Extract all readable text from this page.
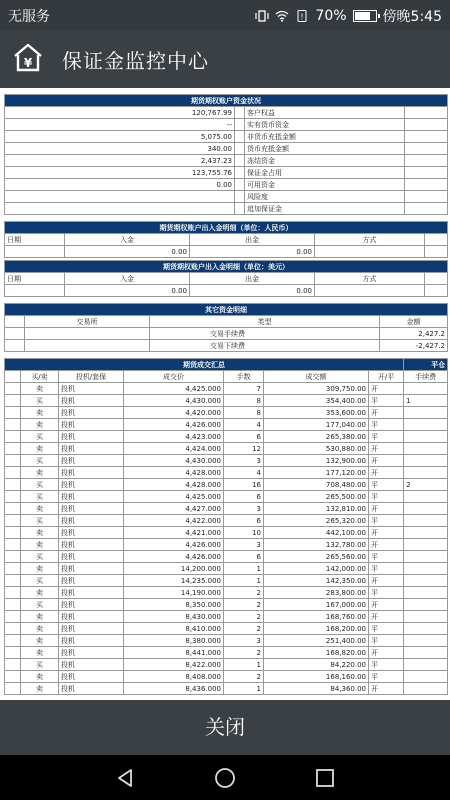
无服务	! 70%	傍晚5:45
¥ 保证金监控中心
期货期权账户资金状况			
120,767.99		客户权益	
--		实有货币资金	
5,075.00		非货币充抵金额	
340.00		货币充抵金额	
2,437.23		冻结资金	
123,755.76		保证金占用	
0.00		可用资金	
		风险度	
		追加保证金	
期货期权账户出入金明细（单位：人民币）				
日期	入金	出金	方式	
	0.00	0.00		
期货期权账户出入金明细（单位：美元）				
日期	入金	出金	方式	
	0.00	0.00		
其它资金明细			
	交易所	类型	金额
		交易手续费	2,427.2
		交易下续费	-2,427.2
期货成交汇总							平仓
	买/卖	投机/套保	成交价	手数	成交额	开/平	手续费
	卖	投机	4,425.000	7	309,750.00	开	
	买	投机	4,430.000	8	354,400.00	平	1
	卖	投机	4,420.000	8	353,600.00	开	
	卖	投机	4,426.000	4	177,040.00	平	
	买	投机	4,423.000	6	265,380.00	平	
	卖	投机	4,424.000	12	530,880.00	开	
	买	投机	4,430.000	3	132,900.00	开	
	卖	投机	4,428.000	4	177,120.00	开	
	买	投机	4,428.000	16	708,480.00	平	2
	买	投机	4,425.000	6	265,500.00	平	
	卖	投机	4,427.000	3	132,810.00	开	
	买	投机	4,422.000	6	265,320.00	平	
	卖	投机	4,421.000	10	442,100.00	开	
	卖	投机	4,426.000	3	132,780.00	开	
	买	投机	4,426.000	6	265,560.00	平	
	卖	投机	14,200.000	1	142,000.00	平	
	买	投机	14,235.000	1	142,350.00	开	
	卖	投机	14,190.000	2	283,800.00	平	
	买	投机	8,350.000	2	167,000.00	开	
	卖	投机	8,430.000	2	168,760.00	开	
	卖	投机	8,410.000	2	168,200.00	平	
	卖	投机	8,380.000	3	251,400.00	平	
	卖	投机	8,441.000	2	168,820.00	开	
	买	投机	8,422.000	1	84,220.00	平	
	卖	投机	8,408.000	2	168,160.00	平	
	卖	投机	8,436.000	1	84,360.00	开	
关闭
